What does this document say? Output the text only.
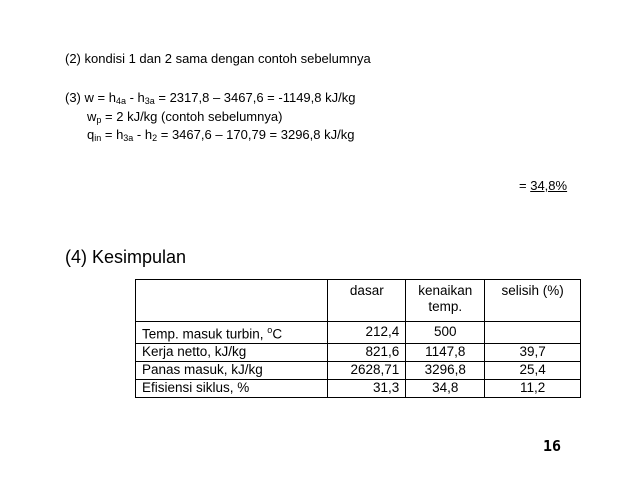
(2) kondisi 1 dan 2 sama dengan contoh sebelumnya
(3) $w = h_{4a} - h_{3a} = 2317,8 - 3467,6 = -1149,8$ kJ/kg
$w_p = 2$ kJ/kg (contoh sebelumnya)
$q_{in} = h_{3a} - h_2 = 3467,6 - 170,79 = 3296,8$ kJ/kg
= 34,8%
(4) Kesimpulan
	dasar	kenaikan temp.	selisih (%)
Temp. masuk turbin, $^o$C	212,4	500	
Kerja netto, kJ/kg	821,6	1147,8	39,7
Panas masuk, kJ/kg	2628,71	3296,8	25,4
Efisiensi siklus, %	31,3	34,8	11,2
16
